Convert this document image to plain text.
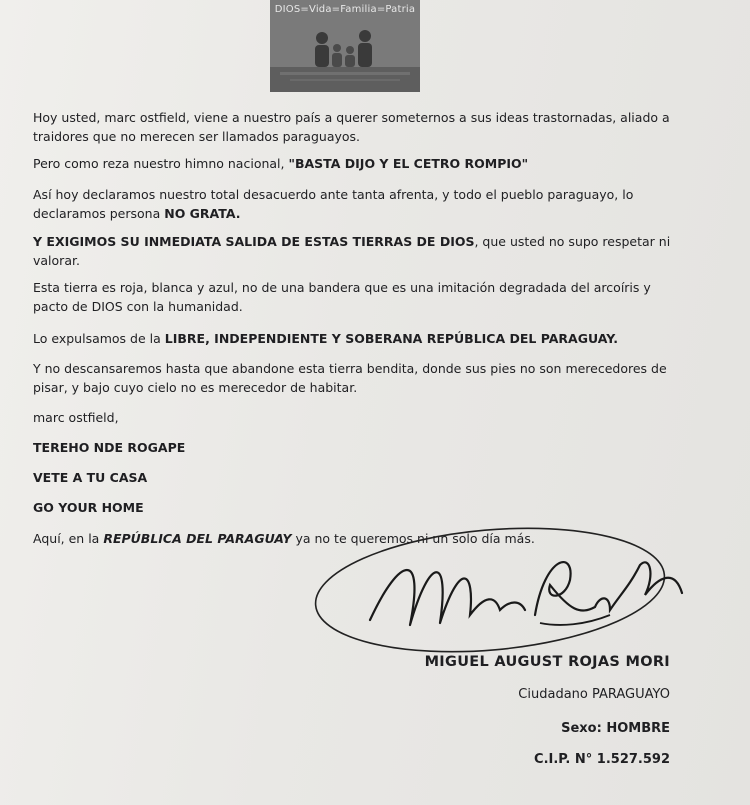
DIOS=Vida=Familia=Patria

Hoy usted, marc ostfield, viene a nuestro país a querer someternos a sus ideas trastornadas, aliado a traidores que no merecen ser llamados paraguayos.

Pero como reza nuestro himno nacional, "BASTA DIJO Y EL CETRO ROMPIO"

Así hoy declaramos nuestro total desacuerdo ante tanta afrenta, y todo el pueblo paraguayo, lo declaramos persona NO GRATA.

Y EXIGIMOS SU INMEDIATA SALIDA DE ESTAS TIERRAS DE DIOS, que usted no supo respetar ni valorar.

Esta tierra es roja, blanca y azul, no de una bandera que es una imitación degradada del arcoíris y pacto de DIOS con la humanidad.

Lo expulsamos de la LIBRE, INDEPENDIENTE Y SOBERANA REPÚBLICA DEL PARAGUAY.

Y no descansaremos hasta que abandone esta tierra bendita, donde sus pies no son merecedores de pisar, y bajo cuyo cielo no es merecedor de habitar.

marc ostfield,

TEREHO NDE ROGAPE

VETE A TU CASA

GO YOUR HOME

Aquí, en la REPÚBLICA DEL PARAGUAY ya no te queremos ni un solo día más.

MIGUEL AUGUST ROJAS MORI
Ciudadano PARAGUAYO
Sexo: HOMBRE
C.I.P. N° 1.527.592
